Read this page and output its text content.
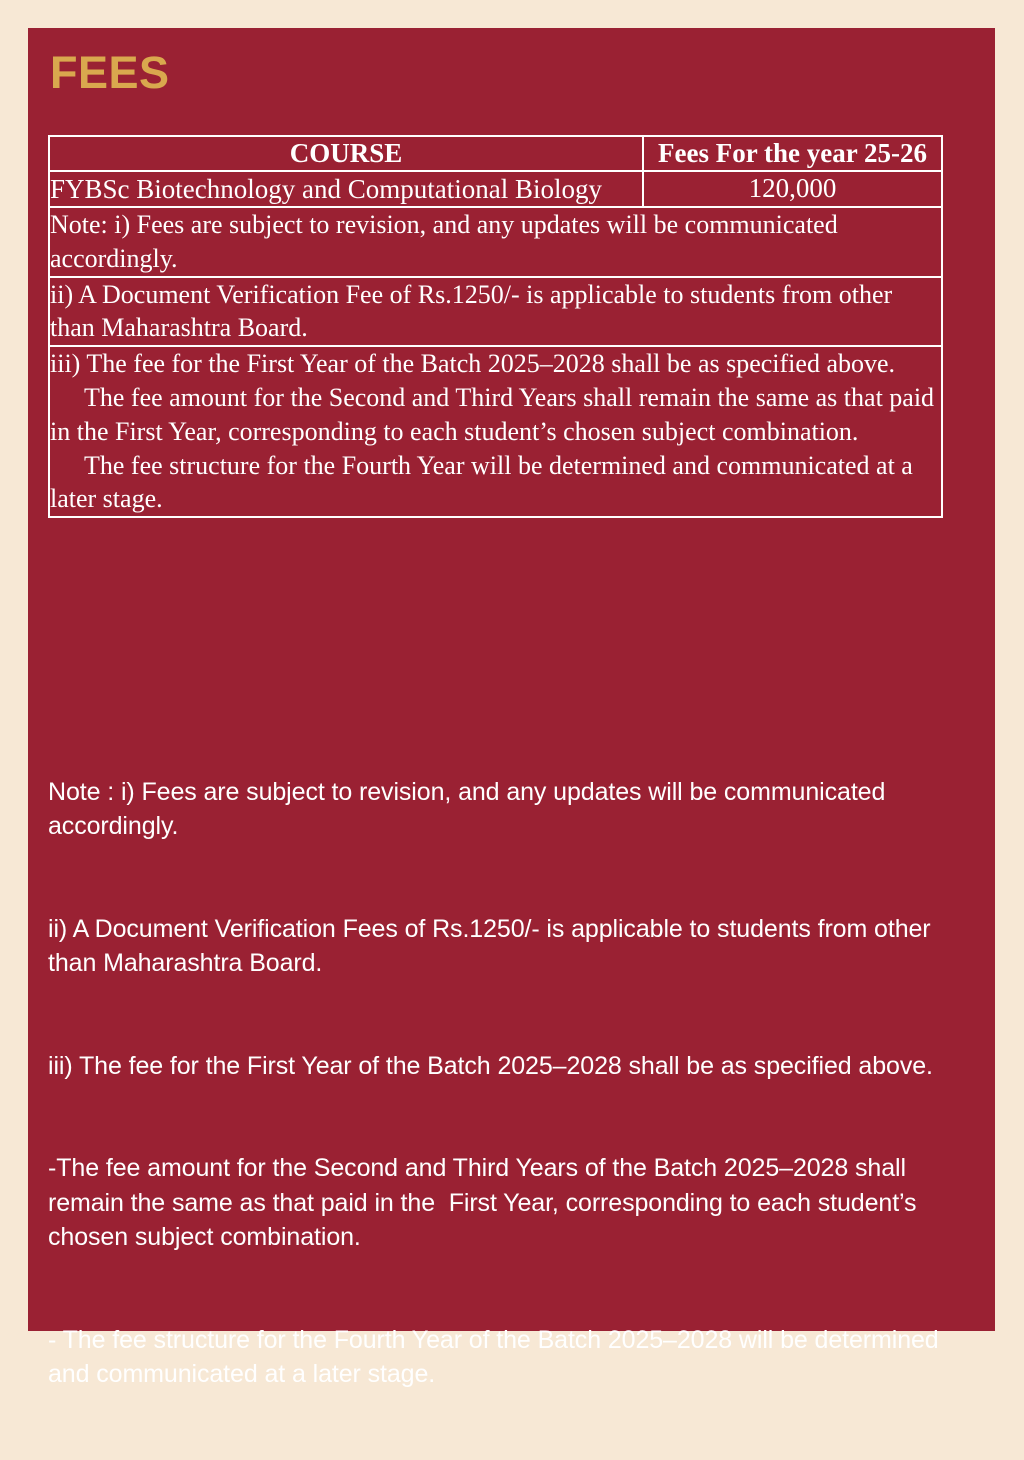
FEES
COURSE	Fees For the year 25-26
FYBSc Biotechnology and Computational Biology	120,000
Note: i) Fees are subject to revision, and any updates will be communicated accordingly.	
ii) A Document Verification Fee of Rs.1250/- is applicable to students from other than Maharashtra Board.	
iii) The fee for the First Year of the Batch 2025–2028 shall be as specified above.
The fee amount for the Second and Third Years shall remain the same as that paid in the First Year, corresponding to each student’s chosen subject combination.
The fee structure for the Fourth Year will be determined and communicated at a later stage.	

Note : i) Fees are subject to revision, and any updates will be communicated accordingly.

ii) A Document Verification Fees of Rs.1250/- is applicable to students from other than Maharashtra Board.

iii) The fee for the First Year of the Batch 2025–2028 shall be as specified above.

-The fee amount for the Second and Third Years of the Batch 2025–2028 shall remain the same as that paid in the  First Year, corresponding to each student’s chosen subject combination.

- The fee structure for the Fourth Year of the Batch 2025–2028 will be determined and communicated at a later stage.
